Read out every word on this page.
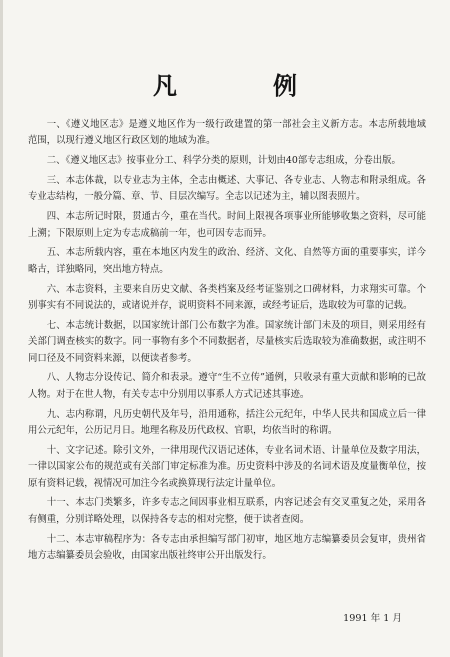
凡　例

一、《遵义地区志》是遵义地区作为一级行政建置的第一部社会主义新方志。本志所载地域范围，以现行遵义地区行政区划的地域为准。

二、《遵义地区志》按事业分工、科学分类的原则，计划由40部专志组成，分卷出版。

三、本志体裁，以专业志为主体，全志由概述、大事记、各专业志、人物志和附录组成。各专业志结构，一般分篇、章、节、目层次编写。全志以记述为主，辅以图表照片。

四、本志所记时限，贯通古今，重在当代。时间上限视各项事业所能够收集之资料，尽可能上溯；下限原则上定为专志成稿前一年，也可因专志而异。

五、本志所载内容，重在本地区内发生的政治、经济、文化、自然等方面的重要事实，详今略古，详独略同，突出地方特点。

六、本志资料，主要来自历史文献、各类档案及经考证鉴别之口碑材料，力求翔实可靠。个别事实有不同说法的，或诸说并存，说明资料不同来源，或经考证后，选取较为可靠的记载。

七、本志统计数据，以国家统计部门公布数字为准。国家统计部门未及的项目，则采用经有关部门调查核实的数字。同一事物有多个不同数据者，尽量核实后选取较为准确数据，或注明不同口径及不同资料来源，以便读者参考。

八、人物志分设传记、简介和表录。遵守“生不立传”通例，只收录有重大贡献和影响的已故人物。对于在世人物，有关专志中分别用以事系人方式记述其事迹。

九、志内称谓，凡历史朝代及年号，沿用通称，括注公元纪年，中华人民共和国成立后一律用公元纪年，公历记月日。地理名称及历代政权、官职，均依当时的称谓。

十、文字记述。除引文外，一律用现代汉语记述体，专业名词术语、计量单位及数字用法，一律以国家公布的规范或有关部门审定标准为准。历史资料中涉及的名词术语及度量衡单位，按原有资料记载，视情况可加注今名或换算现行法定计量单位。

十一、本志门类繁多，许多专志之间因事业相互联系，内容记述会有交叉重复之处，采用各有侧重，分别详略处理，以保持各专志的相对完整，便于读者查阅。

十二、本志审稿程序为：各专志由承担编写部门初审，地区地方志编纂委员会复审，贵州省地方志编纂委员会验收，由国家出版社终审公开出版发行。

1991 年 1 月
